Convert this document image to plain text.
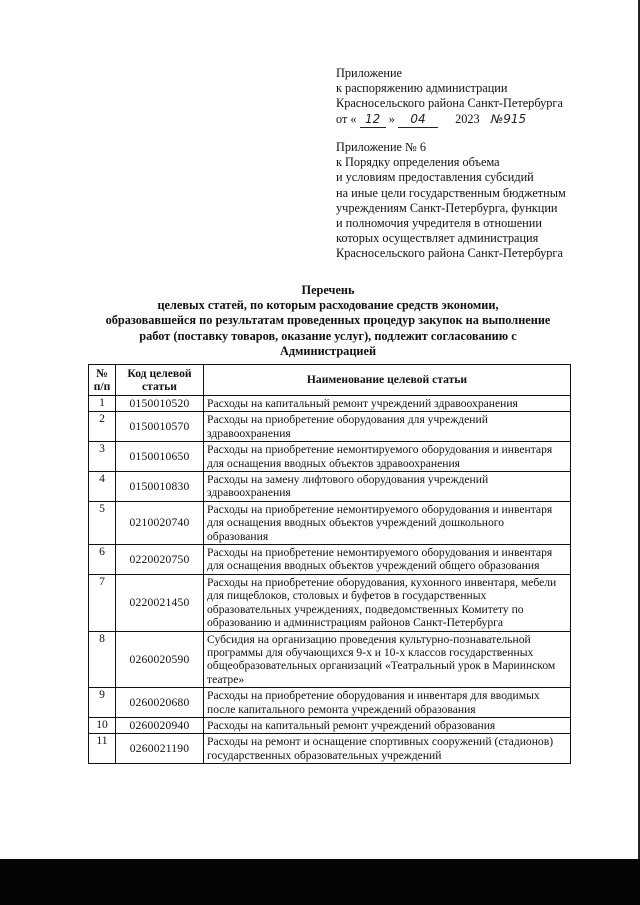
Приложение
к распоряжению администрации
Красносельского района Санкт-Петербурга
от « 12 » 04 2023 №915
Приложение № 6
к Порядку определения объема
и условиям предоставления субсидий
на иные цели государственным бюджетным
учреждениям Санкт-Петербурга, функции
и полномочия учредителя в отношении
которых осуществляет администрация
Красносельского района Санкт-Петербурга
Перечень
целевых статей, по которым расходование средств экономии,
образовавшейся по результатам проведенных процедур закупок на выполнение
работ (поставку товаров, оказание услуг), подлежит согласованию с
Администрацией
№ п/п	Код целевой статьи	Наименование целевой статьи
1	0150010520	Расходы на капитальный ремонт учреждений здравоохранения
2	0150010570	Расходы на приобретение оборудования для учреждений здравоохранения
3	0150010650	Расходы на приобретение немонтируемого оборудования и инвентаря для оснащения вводных объектов здравоохранения
4	0150010830	Расходы на замену лифтового оборудования учреждений здравоохранения
5	0210020740	Расходы на приобретение немонтируемого оборудования и инвентаря для оснащения вводных объектов учреждений дошкольного образования
6	0220020750	Расходы на приобретение немонтируемого оборудования и инвентаря для оснащения вводных объектов учреждений общего образования
7	0220021450	Расходы на приобретение оборудования, кухонного инвентаря, мебели для пищеблоков, столовых и буфетов в государственных образовательных учреждениях, подведомственных Комитету по образованию и администрациям районов Санкт-Петербурга
8	0260020590	Субсидия на организацию проведения культурно-познавательной программы для обучающихся 9-х и 10-х классов государственных общеобразовательных организаций «Театральный урок в Мариинском театре»
9	0260020680	Расходы на приобретение оборудования и инвентаря для вводимых после капитального ремонта учреждений образования
10	0260020940	Расходы на капитальный ремонт учреждений образования
11	0260021190	Расходы на ремонт и оснащение спортивных сооружений (стадионов) государственных образовательных учреждений
